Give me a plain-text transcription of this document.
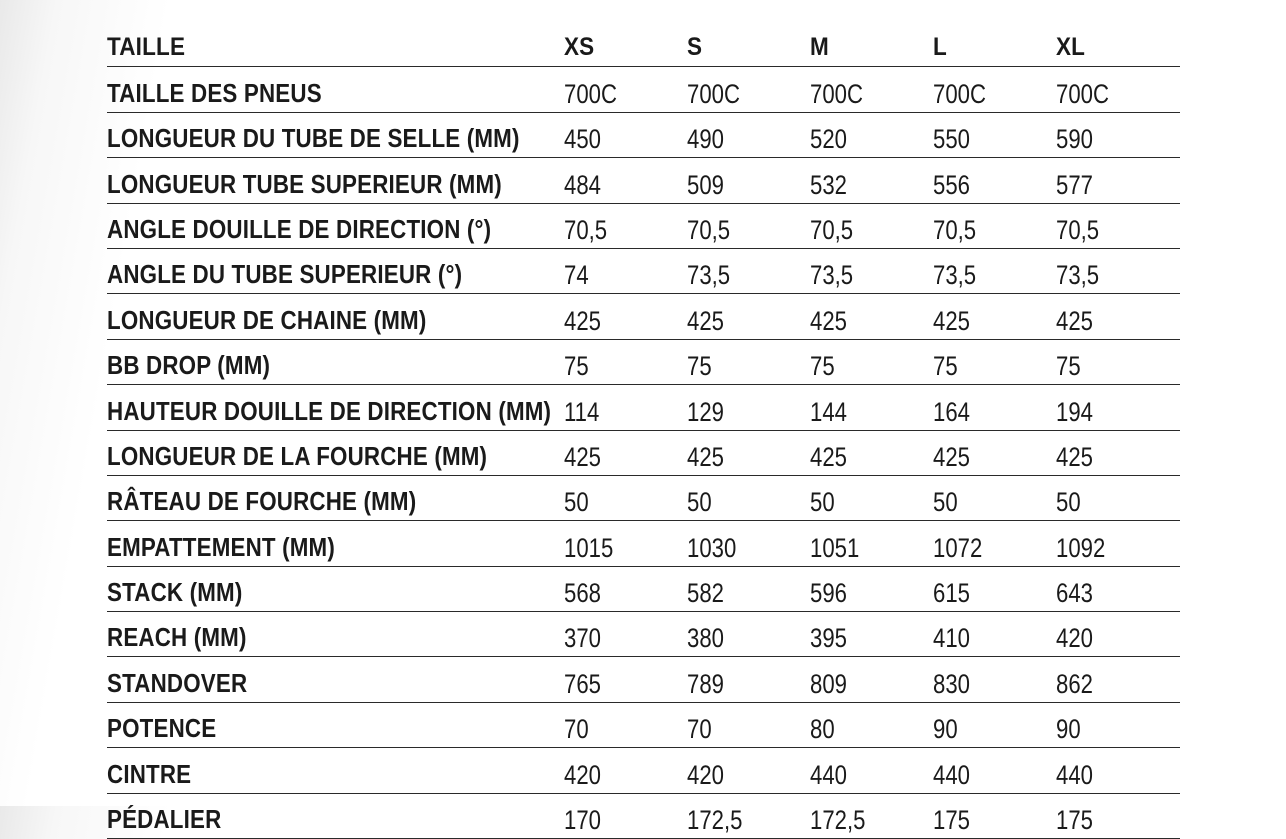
TAILLE	XS	S	M	L	XL
TAILLE DES PNEUS	700C	700C	700C	700C	700C
LONGUEUR DU TUBE DE SELLE (MM)	450	490	520	550	590
LONGUEUR TUBE SUPERIEUR (MM)	484	509	532	556	577
ANGLE DOUILLE DE DIRECTION (°)	70,5	70,5	70,5	70,5	70,5
ANGLE DU TUBE SUPERIEUR (°)	74	73,5	73,5	73,5	73,5
LONGUEUR DE CHAINE (MM)	425	425	425	425	425
BB DROP (MM)	75	75	75	75	75
HAUTEUR DOUILLE DE DIRECTION (MM)	114	129	144	164	194
LONGUEUR DE LA FOURCHE (MM)	425	425	425	425	425
RÂTEAU DE FOURCHE (MM)	50	50	50	50	50
EMPATTEMENT (MM)	1015	1030	1051	1072	1092
STACK (MM)	568	582	596	615	643
REACH (MM)	370	380	395	410	420
STANDOVER	765	789	809	830	862
POTENCE	70	70	80	90	90
CINTRE	420	420	440	440	440
PÉDALIER	170	172,5	172,5	175	175
